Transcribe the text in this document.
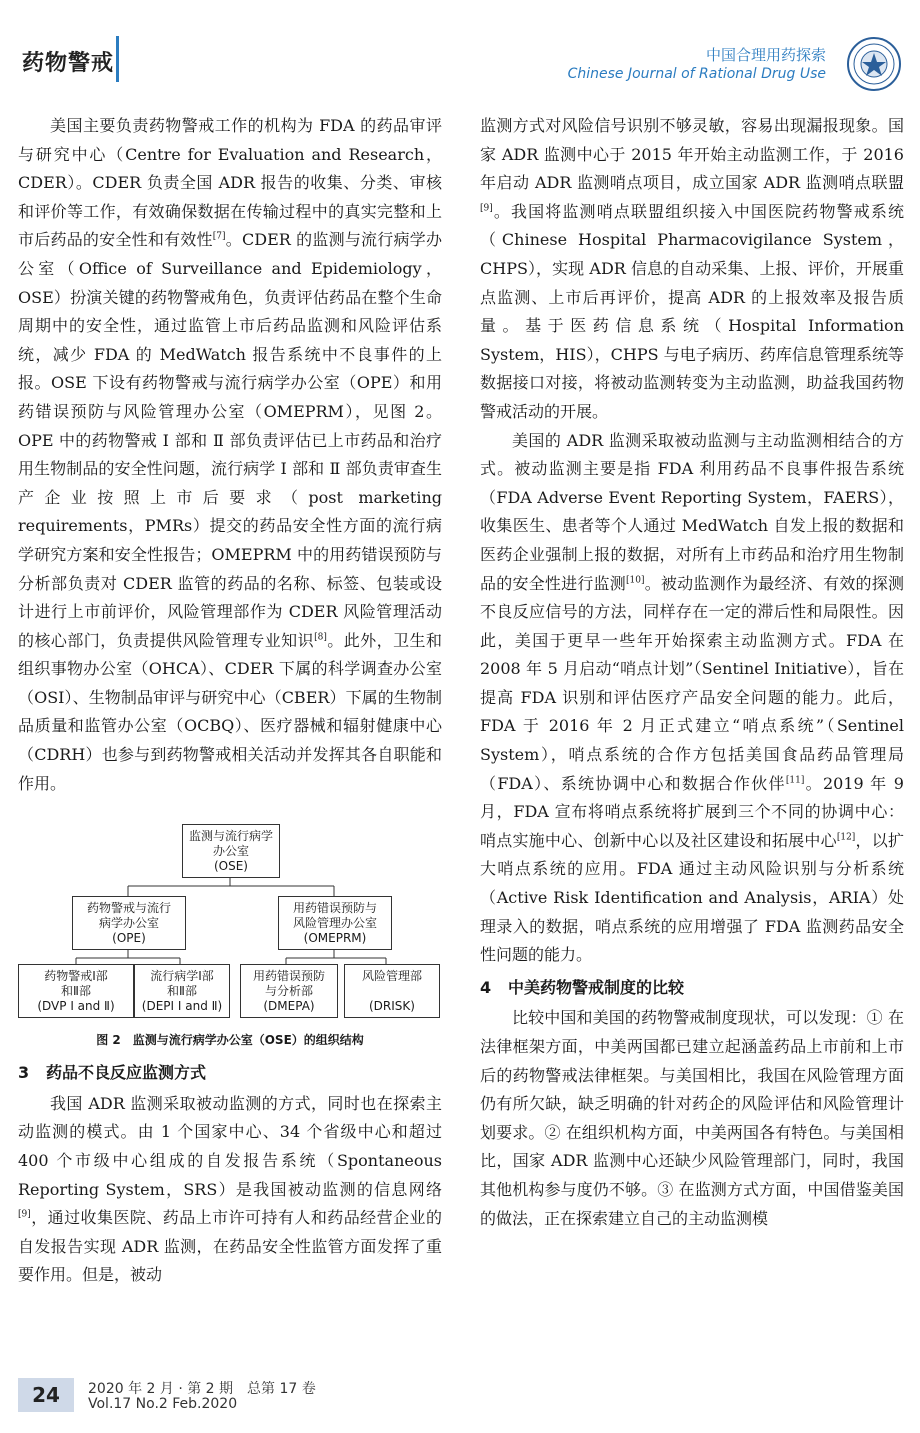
药物警戒	中国合理用药探索
Chinese Journal of Rational Drug Use

美国主要负责药物警戒工作的机构为 FDA 的药品审评与研究中心（Centre for Evaluation and Research，CDER）。CDER 负责全国 ADR 报告的收集、分类、审核和评价等工作，有效确保数据在传输过程中的真实完整和上市后药品的安全性和有效性[7]。CDER 的监测与流行病学办公室（Office of Surveillance and Epidemiology，OSE）扮演关键的药物警戒角色，负责评估药品在整个生命周期中的安全性，通过监管上市后药品监测和风险评估系统，减少 FDA 的 MedWatch 报告系统中不良事件的上报。OSE 下设有药物警戒与流行病学办公室（OPE）和用药错误预防与风险管理办公室（OMEPRM），见图 2。OPE 中的药物警戒 Ⅰ 部和 Ⅱ 部负责评估已上市药品和治疗用生物制品的安全性问题，流行病学 Ⅰ 部和 Ⅱ 部负责审查生产企业按照上市后要求（post marketing requirements，PMRs）提交的药品安全性方面的流行病学研究方案和安全性报告；OMEPRM 中的用药错误预防与分析部负责对 CDER 监管的药品的名称、标签、包装或设计进行上市前评价，风险管理部作为 CDER 风险管理活动的核心部门，负责提供风险管理专业知识[8]。此外，卫生和组织事物办公室（OHCA）、CDER 下属的科学调查办公室（OSI）、生物制品审评与研究中心（CBER）下属的生物制品质量和监管办公室（OCBQ）、医疗器械和辐射健康中心（CDRH）也参与到药物警戒相关活动并发挥其各自职能和作用。

监测与流行病学
办公室
(OSE)
药物警戒与流行
病学办公室
(OPE)
用药错误预防与
风险管理办公室
(OMEPRM)
药物警戒Ⅰ部
和Ⅱ部
(DVP Ⅰ and Ⅱ)
流行病学Ⅰ部
和Ⅱ部
(DEPI Ⅰ and Ⅱ)
用药错误预防
与分析部
(DMEPA)
风险管理部

(DRISK)
图 2　监测与流行病学办公室（OSE）的组织结构
3 药品不良反应监测方式

我国 ADR 监测采取被动监测的方式，同时也在探索主动监测的模式。由 1 个国家中心、34 个省级中心和超过 400 个市级中心组成的自发报告系统（Spontaneous Reporting System，SRS）是我国被动监测的信息网络[9]，通过收集医院、药品上市许可持有人和药品经营企业的自发报告实现 ADR 监测，在药品安全性监管方面发挥了重要作用。但是，被动

监测方式对风险信号识别不够灵敏，容易出现漏报现象。国家 ADR 监测中心于 2015 年开始主动监测工作，于 2016 年启动 ADR 监测哨点项目，成立国家 ADR 监测哨点联盟[9]。我国将监测哨点联盟组织接入中国医院药物警戒系统（Chinese Hospital Pharmacovigilance System，CHPS），实现 ADR 信息的自动采集、上报、评价，开展重点监测、上市后再评价，提高 ADR 的上报效率及报告质量。基于医药信息系统（Hospital Information System，HIS），CHPS 与电子病历、药库信息管理系统等数据接口对接，将被动监测转变为主动监测，助益我国药物警戒活动的开展。

美国的 ADR 监测采取被动监测与主动监测相结合的方式。被动监测主要是指 FDA 利用药品不良事件报告系统（FDA Adverse Event Reporting System，FAERS），收集医生、患者等个人通过 MedWatch 自发上报的数据和医药企业强制上报的数据，对所有上市药品和治疗用生物制品的安全性进行监测[10]。被动监测作为最经济、有效的探测不良反应信号的方法，同样存在一定的滞后性和局限性。因此，美国于更早一些年开始探索主动监测方式。FDA 在 2008 年 5 月启动“哨点计划”（Sentinel Initiative），旨在提高 FDA 识别和评估医疗产品安全问题的能力。此后，FDA 于 2016 年 2 月正式建立“哨点系统”（Sentinel System），哨点系统的合作方包括美国食品药品管理局（FDA）、系统协调中心和数据合作伙伴[11]。2019 年 9 月，FDA 宣布将哨点系统将扩展到三个不同的协调中心：哨点实施中心、创新中心以及社区建设和拓展中心[12]，以扩大哨点系统的应用。FDA 通过主动风险识别与分析系统（Active Risk Identification and Analysis，ARIA）处理录入的数据，哨点系统的应用增强了 FDA 监测药品安全性问题的能力。

4 中美药物警戒制度的比较

比较中国和美国的药物警戒制度现状，可以发现：① 在法律框架方面，中美两国都已建立起涵盖药品上市前和上市后的药物警戒法律框架。与美国相比，我国在风险管理方面仍有所欠缺，缺乏明确的针对药企的风险评估和风险管理计划要求。② 在组织机构方面，中美两国各有特色。与美国相比，国家 ADR 监测中心还缺少风险管理部门，同时，我国其他机构参与度仍不够。③ 在监测方式方面，中国借鉴美国的做法，正在探索建立自己的主动监测模

24	2020 年 2 月 · 第 2 期　总第 17 卷
Vol.17 No.2 Feb.2020
